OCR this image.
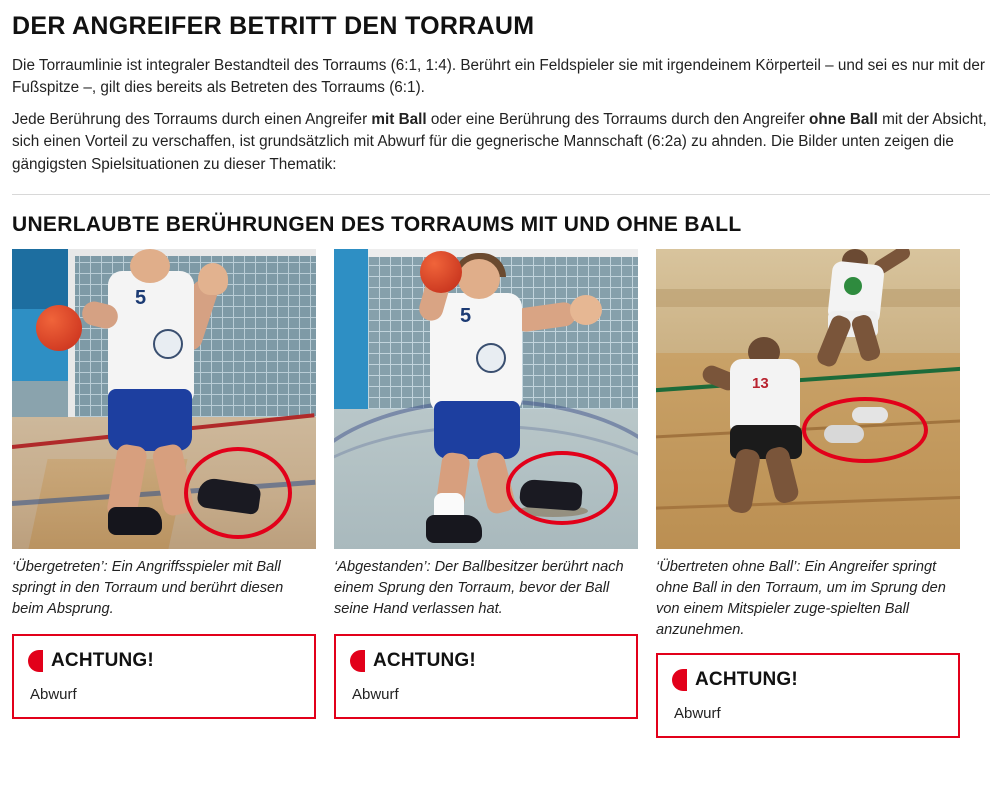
DER ANGREIFER BETRITT DEN TORRAUM

Die Torraumlinie ist integraler Bestandteil des Torraums (6:1, 1:4). Berührt ein Feldspieler sie mit irgendeinem Körperteil – und sei es nur mit der Fußspitze –, gilt dies bereits als Betreten des Torraums (6:1).

Jede Berührung des Torraums durch einen Angreifer mit Ball oder eine Berührung des Torraums durch den Angreifer ohne Ball mit der Absicht, sich einen Vorteil zu verschaffen, ist grundsätzlich mit Abwurf für die gegnerische Mannschaft (6:2a) zu ahnden. Die Bilder unten zeigen die gängigsten Spielsituationen zu dieser Thematik:

UNERLAUBTE BERÜHRUNGEN DES TORRAUMS MIT UND OHNE BALL
5
‘Übergetreten’: Ein Angriffsspieler mit Ball springt in den Torraum und berührt diesen beim Absprung.
ACHTUNG!
Abwurf
5
‘Abgestanden’: Der Ballbesitzer berührt nach einem Sprung den Torraum, bevor der Ball seine Hand verlassen hat.
ACHTUNG!
Abwurf
13
‘Übertreten ohne Ball’: Ein Angreifer springt ohne Ball in den Torraum, um im Sprung den von einem Mitspieler zuge-spielten Ball anzunehmen.
ACHTUNG!
Abwurf
